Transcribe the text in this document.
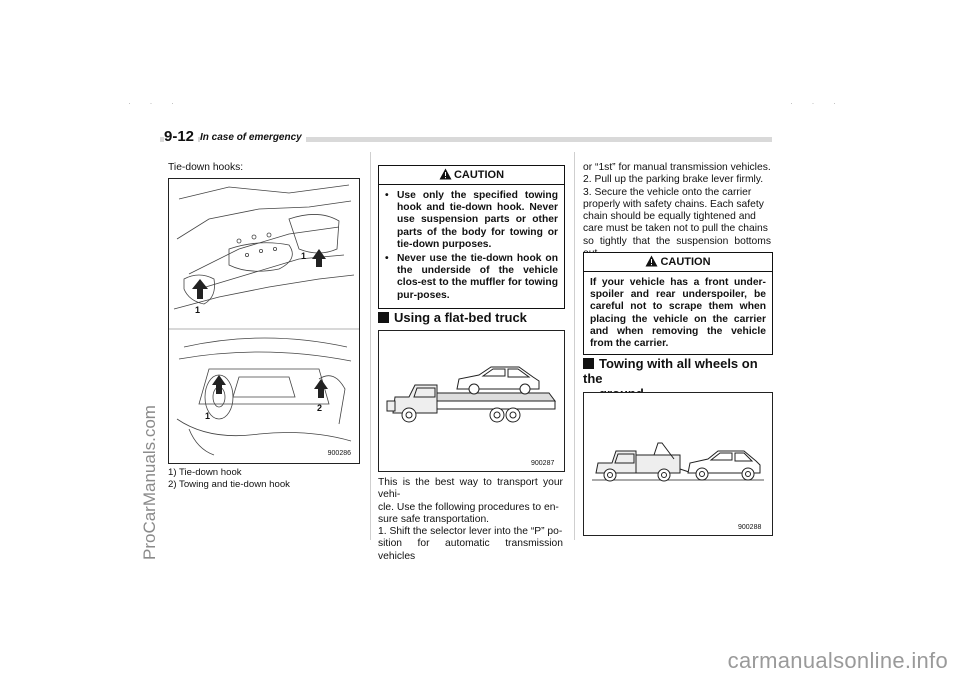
ProCarManuals.com
carmanualsonline.info
· · ·	· · ·
9-12 In case of emergency
Tie-down hooks:
1
1
1
2
900286
1) Tie-down hook
2) Towing and tie-down hook
CAUTION
• Use only the specified towing hook and tie-down hook. Never use suspension parts or other parts of the body for towing or tie-down purposes.
• Never use the tie-down hook on the underside of the vehicle clos-est to the muffler for towing pur-poses.
Using a flat-bed truck
900287
This is the best way to transport your vehi-
cle. Use the following procedures to en-
sure safe transportation.
1. Shift the selector lever into the “P” po-
sition for automatic transmission vehicles
or “1st” for manual transmission vehicles.
2. Pull up the parking brake lever firmly.
3. Secure the vehicle onto the carrier
properly with safety chains. Each safety
chain should be equally tightened and
care must be taken not to pull the chains
so tightly that the suspension bottoms
CAUTION
If your vehicle has a front under-spoiler and rear underspoiler, be careful not to scrape them when placing the vehicle on the carrier and when removing the vehicle from the carrier.
Towing with all wheels on the
900288
